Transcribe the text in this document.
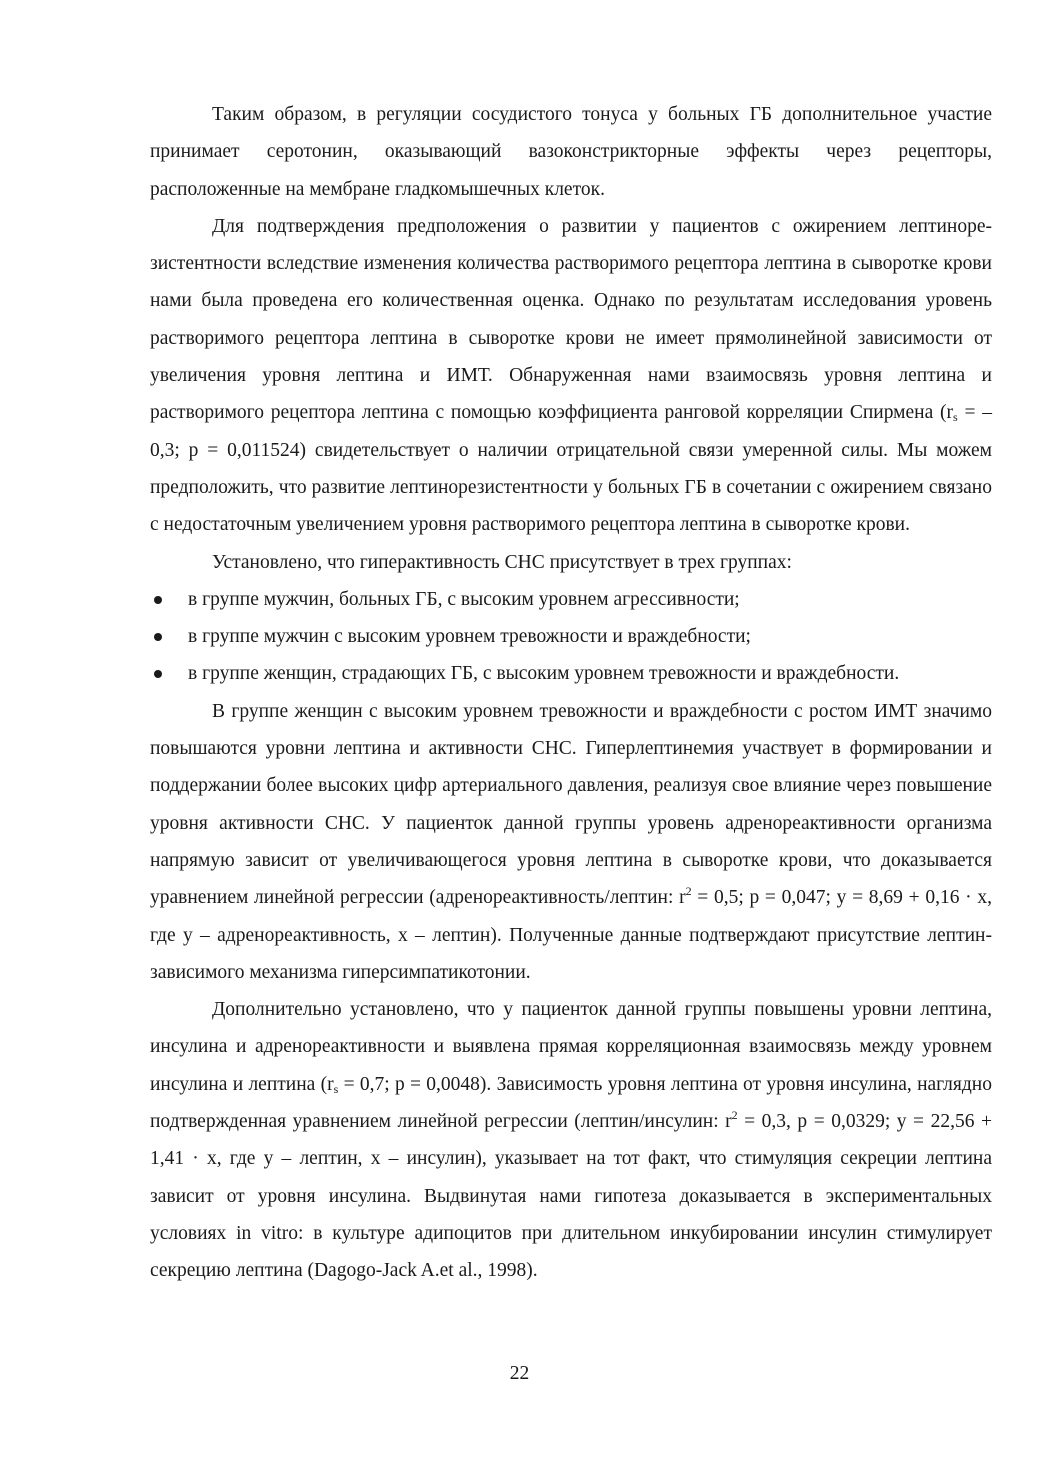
Таким образом, в регуляции сосудистого тонуса у больных ГБ дополнительное участие принимает серотонин, оказывающий вазоконстрикторные эффекты через рецепторы, расположенные на мембране гладкомышечных клеток.

Для подтверждения предположения о развитии у пациентов с ожирением лептинорезистентности вследствие изменения количества растворимого рецептора лептина в сыворотке крови нами была проведена его количественная оценка. Однако по результатам исследования уровень растворимого рецептора лептина в сыворотке крови не имеет прямолинейной зависимости от увеличения уровня лептина и ИМТ. Обнаруженная нами взаимосвязь уровня лептина и растворимого рецептора лептина с помощью коэффициента ранговой корреляции Спирмена ($r_s = -0,3$; р = 0,011524) свидетельствует о наличии отрицательной связи умеренной силы. Мы можем предположить, что развитие лептинорезистентности у больных ГБ в сочетании с ожирением связано с недостаточным увеличением уровня растворимого рецептора лептина в сыворотке крови.

Установлено, что гиперактивность СНС присутствует в трех группах:

в группе мужчин, больных ГБ, с высоким уровнем агрессивности;
в группе мужчин с высоким уровнем тревожности и враждебности;
в группе женщин, страдающих ГБ, с высоким уровнем тревожности и враждебности.

В группе женщин с высоким уровнем тревожности и враждебности с ростом ИМТ значимо повышаются уровни лептина и активности СНС. Гиперлептинемия участвует в формировании и поддержании более высоких цифр артериального давления, реализуя свое влияние через повышение уровня активности СНС. У пациенток данной группы уровень адренореактивности организма напрямую зависит от увеличивающегося уровня лептина в сыворотке крови, что доказывается уравнением линейной регрессии (адренореактивность/лептин: $r^2 = 0,5$; р = 0,047; у = 8,69 + 0,16 · х, где у – адренореактивность, х – лептин). Полученные данные подтверждают присутствие лептин-зависимого механизма гиперсимпатикотонии.

Дополнительно установлено, что у пациенток данной группы повышены уровни лептина, инсулина и адренореактивности и выявлена прямая корреляционная взаимосвязь между уровнем инсулина и лептина ($r_s = 0,7$; р = 0,0048). Зависимость уровня лептина от уровня инсулина, наглядно подтвержденная уравнением линейной регрессии (лептин/инсулин: $r^2 = 0,3$, р = 0,0329; у = 22,56 + 1,41 · х, где у – лептин, х – инсулин), указывает на тот факт, что стимуляция секреции лептина зависит от уровня инсулина. Выдвинутая нами гипотеза доказывается в экспериментальных условиях in vitro: в культуре адипоцитов при длительном инкубировании инсулин стимулирует секрецию лептина (Dagogo-Jack A.et al., 1998).

22
